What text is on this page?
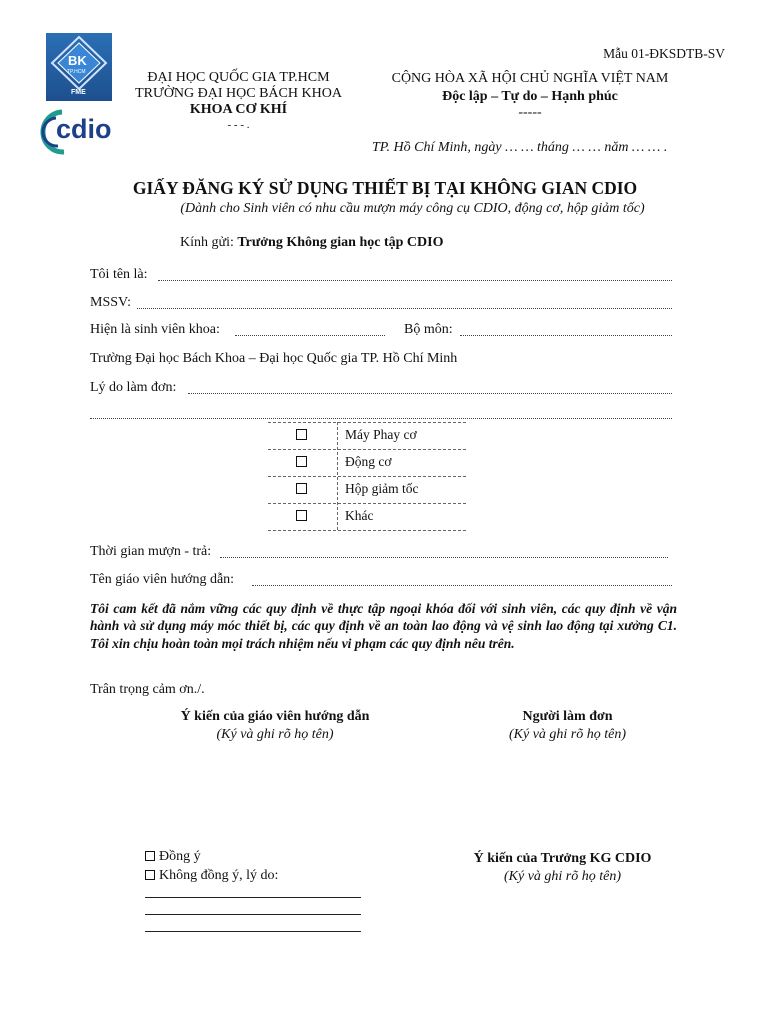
BK
TP.HCM
FME
cdio
ĐẠI HỌC QUỐC GIA TP.HCM
TRƯỜNG ĐẠI HỌC BÁCH KHOA
KHOA CƠ KHÍ
- - - .
Mẫu 01-ĐKSDTB-SV
CỘNG HÒA XÃ HỘI CHỦ NGHĨA VIỆT NAM
Độc lập – Tự do – Hạnh phúc
-----
TP. Hồ Chí Minh, ngày … … tháng … … năm … … .
GIẤY ĐĂNG KÝ SỬ DỤNG THIẾT BỊ TẠI KHÔNG GIAN CDIO
(Dành cho Sinh viên có nhu cầu mượn máy công cụ CDIO, động cơ, hộp giảm tốc)
Kính gửi: Trưởng Không gian học tập CDIO
Tôi tên là:
MSSV:
Hiện là sinh viên khoa:	Bộ môn:
Trường Đại học Bách Khoa – Đại học Quốc gia TP. Hồ Chí Minh
Lý do làm đơn:
Máy Phay cơ
Động cơ
Hộp giảm tốc
Khác
Thời gian mượn - trả:
Tên giáo viên hướng dẫn:
Tôi cam kết đã nắm vững các quy định về thực tập ngoại khóa đối với sinh viên, các quy định về vận hành và sử dụng máy móc thiết bị, các quy định về an toàn lao động và vệ sinh lao động tại xưởng C1. Tôi xin chịu hoàn toàn mọi trách nhiệm nếu vi phạm các quy định nêu trên.
Trân trọng cảm ơn./.
Ý kiến của giáo viên hướng dẫn
(Ký và ghi rõ họ tên)
Người làm đơn
(Ký và ghi rõ họ tên)
Đồng ý
Không đồng ý, lý do:
Ý kiến của Trưởng KG CDIO
(Ký và ghi rõ họ tên)
